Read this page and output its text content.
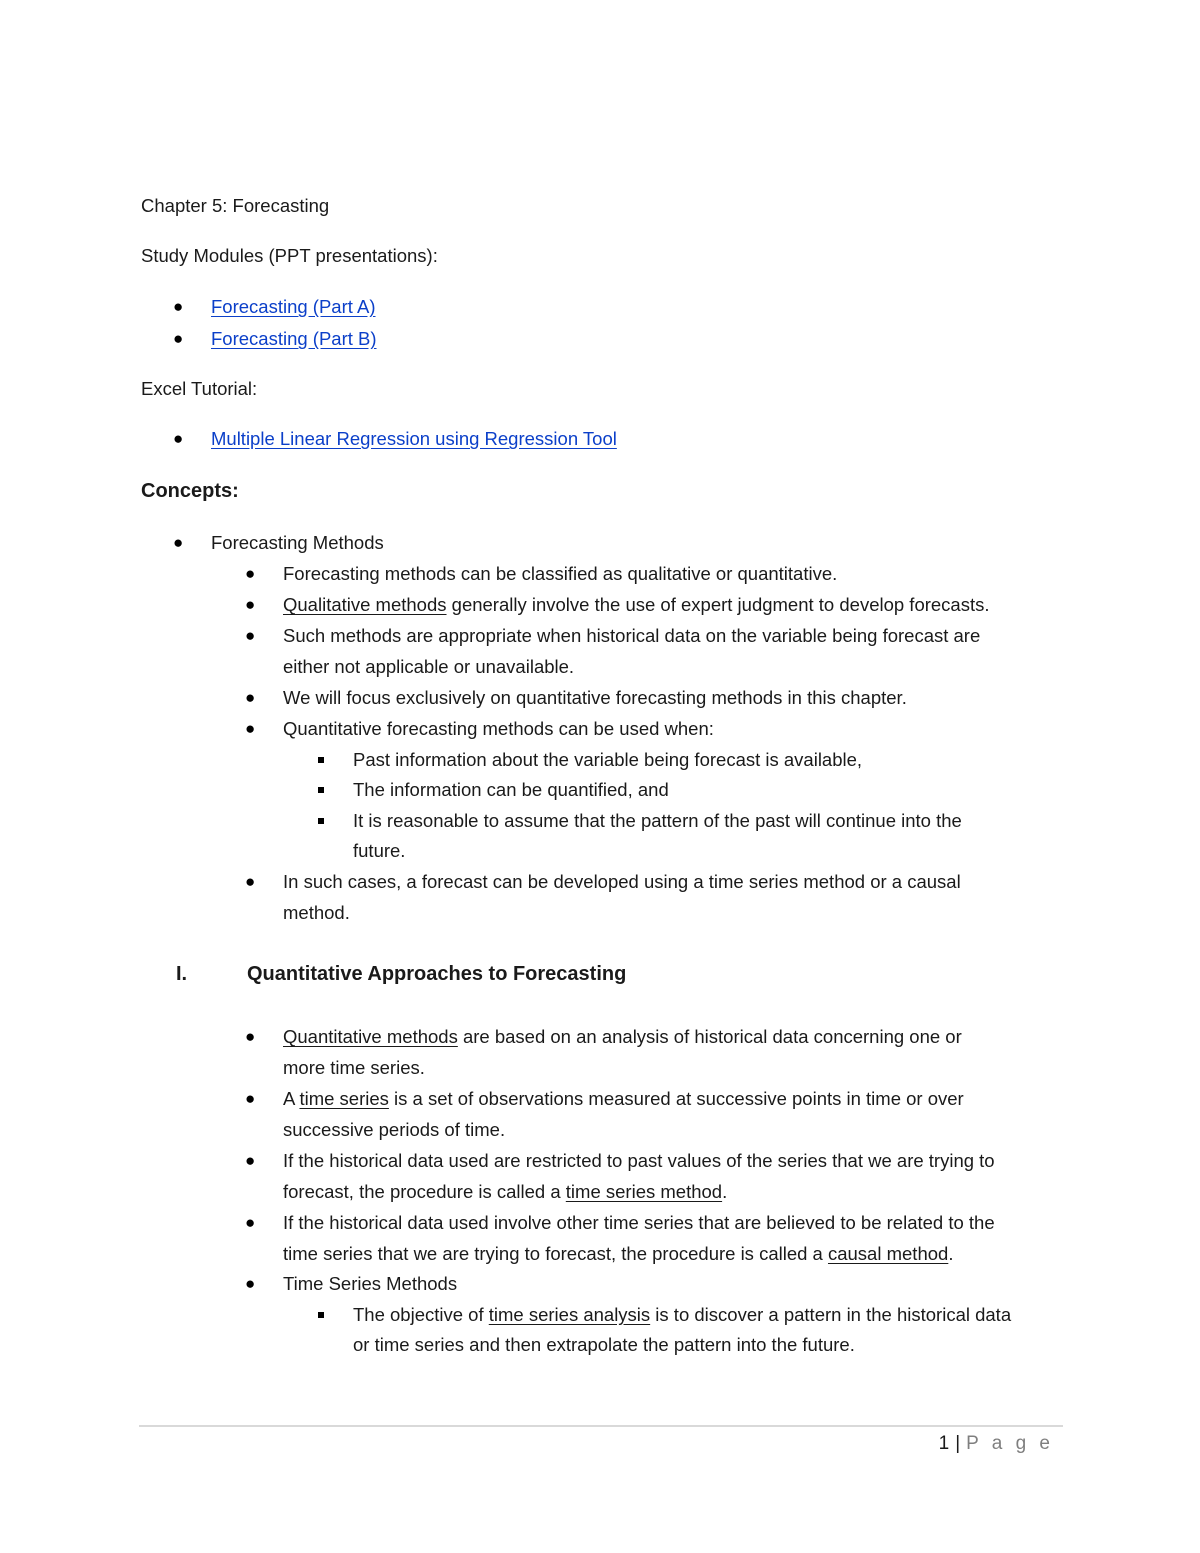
Chapter 5: Forecasting
Study Modules (PPT presentations):
● Forecasting (Part A)
● Forecasting (Part B)
Excel Tutorial:
● Multiple Linear Regression using Regression Tool
Concepts:
● Forecasting Methods
● Forecasting methods can be classified as qualitative or quantitative.
● Qualitative methods generally involve the use of expert judgment to develop forecasts.
● Such methods are appropriate when historical data on the variable being forecast are
either not applicable or unavailable.
● We will focus exclusively on quantitative forecasting methods in this chapter.
● Quantitative forecasting methods can be used when:
Past information about the variable being forecast is available,
The information can be quantified, and
It is reasonable to assume that the pattern of the past will continue into the
future.
● In such cases, a forecast can be developed using a time series method or a causal
method.
I.	Quantitative Approaches to Forecasting
● Quantitative methods are based on an analysis of historical data concerning one or
more time series.
● A time series is a set of observations measured at successive points in time or over
successive periods of time.
● If the historical data used are restricted to past values of the series that we are trying to
forecast, the procedure is called a time series method.
● If the historical data used involve other time series that are believed to be related to the
time series that we are trying to forecast, the procedure is called a causal method.
● Time Series Methods
The objective of time series analysis is to discover a pattern in the historical data
or time series and then extrapolate the pattern into the future.
1 | P a g e
